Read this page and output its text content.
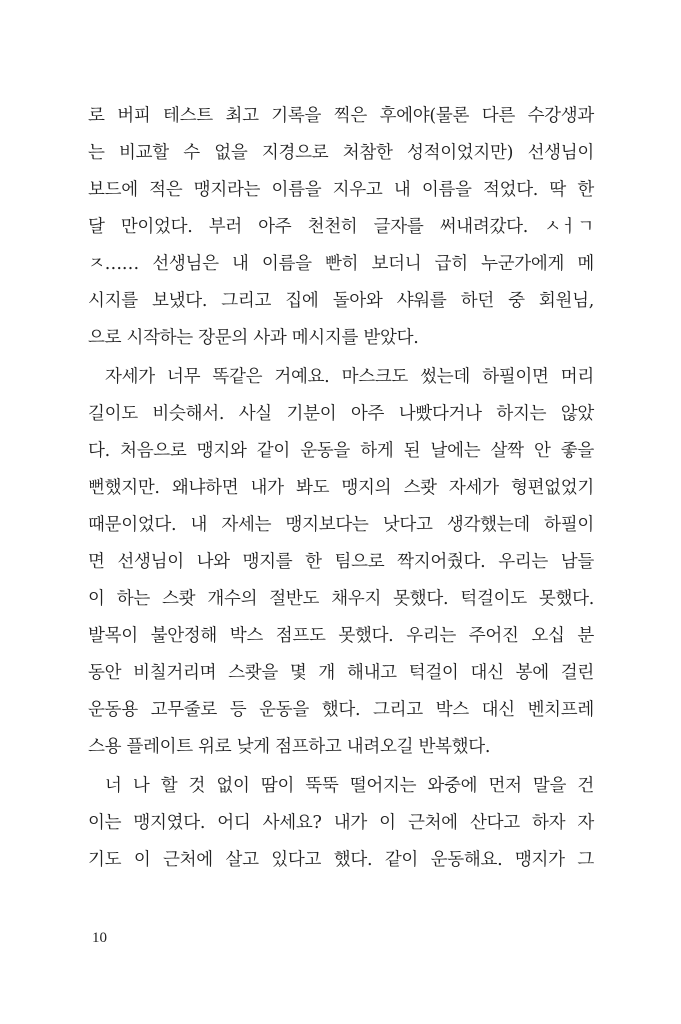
로 버피 테스트 최고 기록을 찍은 후에야(물론 다른 수강생과
는 비교할 수 없을 지경으로 처참한 성적이었지만) 선생님이
보드에 적은 맹지라는 이름을 지우고 내 이름을 적었다. 딱 한
달 만이었다. 부러 아주 천천히 글자를 써내려갔다. ㅅㅓㄱ
ㅈ…… 선생님은 내 이름을 빤히 보더니 급히 누군가에게 메
시지를 보냈다. 그리고 집에 돌아와 샤워를 하던 중 회원님,
으로 시작하는 장문의 사과 메시지를 받았다.
자세가 너무 똑같은 거예요. 마스크도 썼는데 하필이면 머리
길이도 비슷해서. 사실 기분이 아주 나빴다거나 하지는 않았
다. 처음으로 맹지와 같이 운동을 하게 된 날에는 살짝 안 좋을
뻔했지만. 왜냐하면 내가 봐도 맹지의 스쾃 자세가 형편없었기
때문이었다. 내 자세는 맹지보다는 낫다고 생각했는데 하필이
면 선생님이 나와 맹지를 한 팀으로 짝지어줬다. 우리는 남들
이 하는 스쾃 개수의 절반도 채우지 못했다. 턱걸이도 못했다.
발목이 불안정해 박스 점프도 못했다. 우리는 주어진 오십 분
동안 비칠거리며 스쾃을 몇 개 해내고 턱걸이 대신 봉에 걸린
운동용 고무줄로 등 운동을 했다. 그리고 박스 대신 벤치프레
스용 플레이트 위로 낮게 점프하고 내려오길 반복했다.
너 나 할 것 없이 땀이 뚝뚝 떨어지는 와중에 먼저 말을 건
이는 맹지였다. 어디 사세요? 내가 이 근처에 산다고 하자 자
기도 이 근처에 살고 있다고 했다. 같이 운동해요. 맹지가 그
10
